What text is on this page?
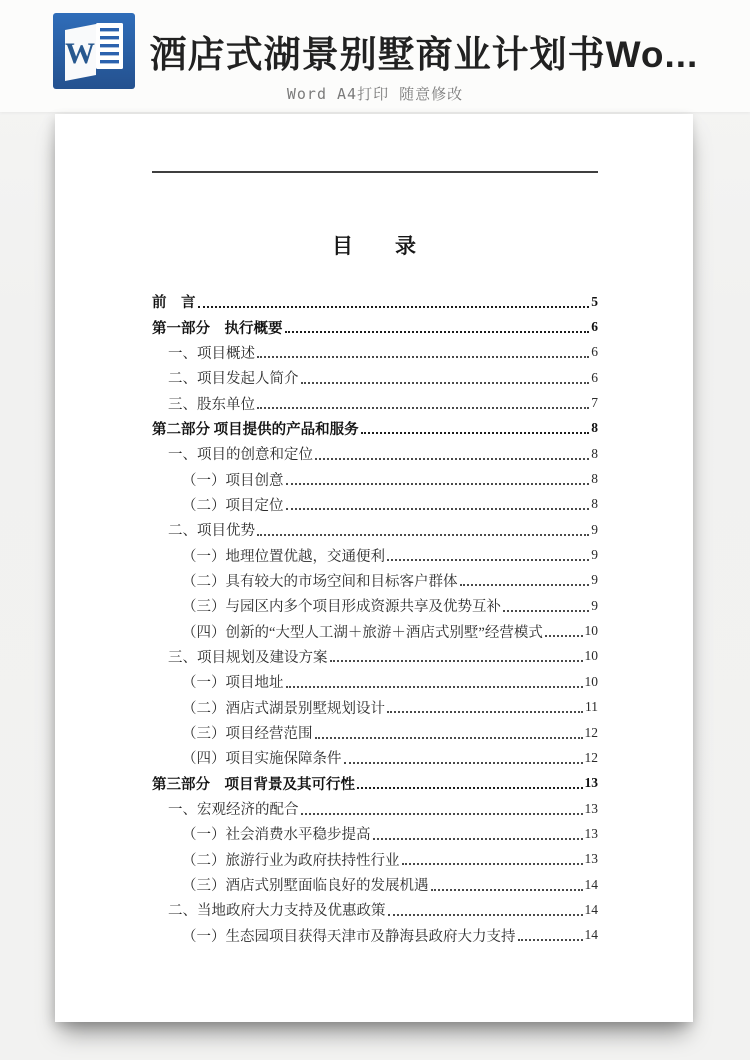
W 酒店式湖景别墅商业计划书Wo...
Word A4打印 随意修改
目　　录
前　言	5
第一部分　执行概要	6
一、项目概述	6
二、项目发起人简介	6
三、股东单位	7
第二部分 项目提供的产品和服务	8
一、项目的创意和定位	8
（一）项目创意	8
（二）项目定位	8
二、项目优势	9
（一）地理位置优越，交通便利	9
（二）具有较大的市场空间和目标客户群体	9
（三）与园区内多个项目形成资源共享及优势互补	9
（四）创新的“大型人工湖＋旅游＋酒店式别墅”经营模式	10
三、项目规划及建设方案	10
（一）项目地址	10
（二）酒店式湖景别墅规划设计	11
（三）项目经营范围	12
（四）项目实施保障条件	12
第三部分　项目背景及其可行性	13
一、宏观经济的配合	13
（一）社会消费水平稳步提高	13
（二）旅游行业为政府扶持性行业	13
（三）酒店式别墅面临良好的发展机遇	14
二、当地政府大力支持及优惠政策	14
（一）生态园项目获得天津市及静海县政府大力支持	14
